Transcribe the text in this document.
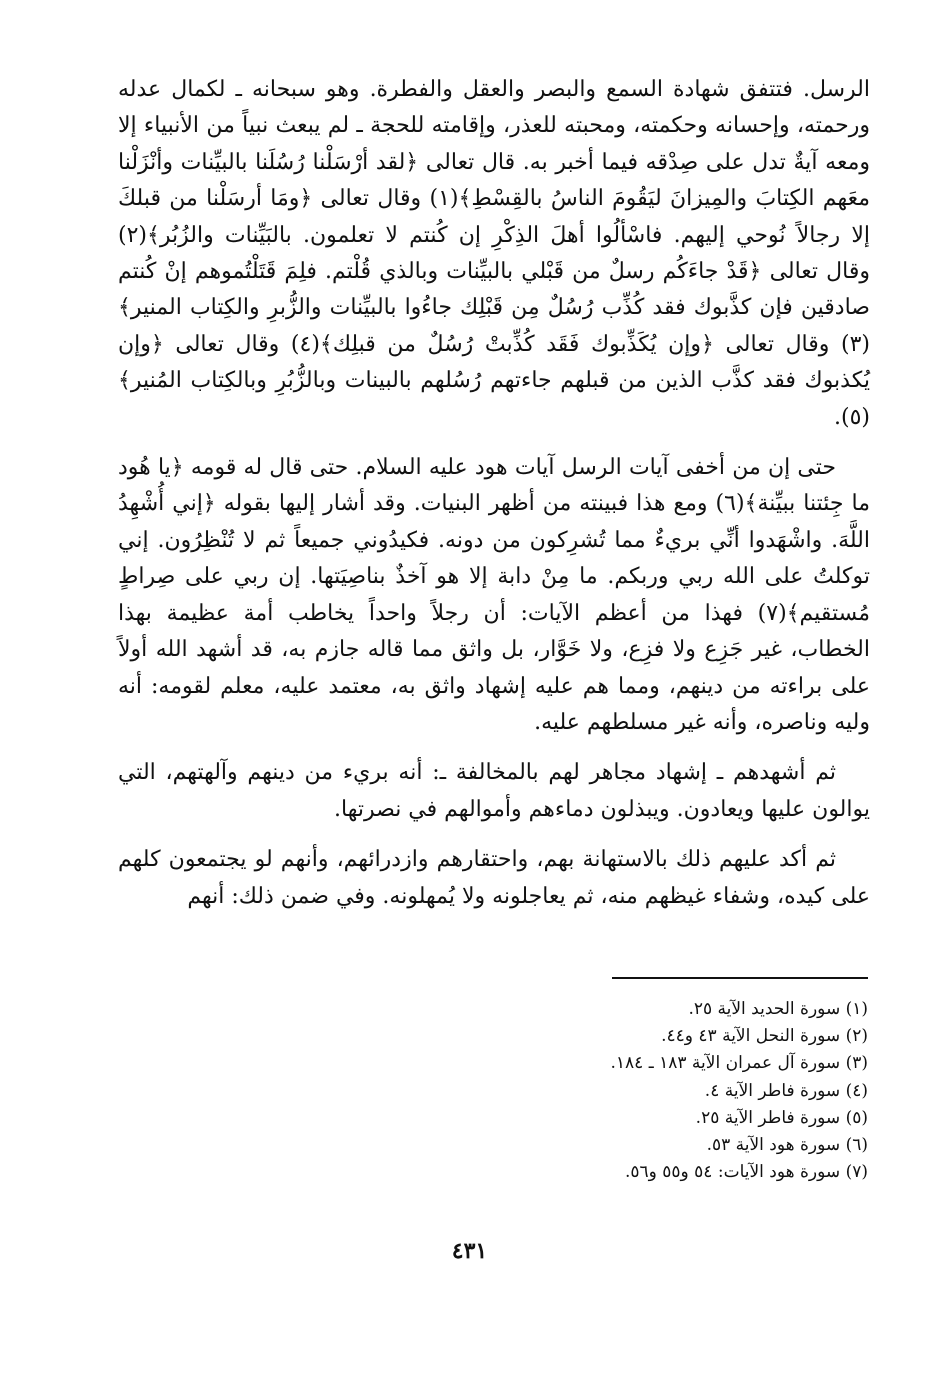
الرسل. فتتفق شهادة السمع والبصر والعقل والفطرة. وهو سبحانه ـ لكمال عدله ورحمته، وإحسانه وحكمته، ومحبته للعذر، وإقامته للحجة ـ لم يبعث نبياً من الأنبياء إلا ومعه آيةٌ تدل على صِدْقه فيما أخبر به. قال تعالى ﴿لقد أرْسَلْنا رُسُلَنا بالبيِّنات وأنْزَلْنا معَهم الكِتابَ والمِيزانَ ليَقُومَ الناسُ بالقِسْطِ﴾(١) وقال تعالى ﴿ومَا أرسَلْنا من قبلكَ إلا رجالاً نُوحي إليهم. فاسْألُوا أهلَ الذِكْرِ إن كُنتم لا تعلمون. بالبَيِّنات والزُبُر﴾(٢) وقال تعالى ﴿قَدْ جاءَكُم رسلٌ من قَبْلي بالبيِّنات وبالذي قُلْتم. فلِمَ قَتَلْتُموهم إنْ كُنتم صادقين فإن كذَّبوك فقد كُذِّب رُسُلٌ مِن قَبْلِك جاءُوا بالبيِّنات والزُّبرِ والكِتاب المنير﴾(٣) وقال تعالى ﴿وإن يُكَذِّبوك فَقَد كُذِّبتْ رُسُلٌ من قبلِك﴾(٤) وقال تعالى ﴿وإن يُكذبوك فقد كذَّب الذين من قبلهم جاءتهم رُسُلهم بالبينات وبالزُّبُرِ وبالكِتاب المُنير﴾(٥).

حتى إن من أخفى آيات الرسل آيات هود عليه السلام. حتى قال له قومه ﴿يا هُود ما جِئتنا ببيِّنة﴾(٦) ومع هذا فبينته من أظهر البنيات. وقد أشار إليها بقوله ﴿إني أُشْهِدُ اللَّهَ. واشْهَدوا أنِّي بريءٌ مما تُشرِكون من دونه. فكيدُوني جميعاً ثم لا تُنْظِرُون. إني توكلتُ على الله ربي وربكم. ما مِنْ دابة إلا هو آخذٌ بناصِيَتها. إن ربي على صِراطٍ مُستقيم﴾(٧) فهذا من أعظم الآيات: أن رجلاً واحداً يخاطب أمة عظيمة بهذا الخطاب، غير جَزِع ولا فزِع، ولا خَوَّار، بل واثق مما قاله جازم به، قد أشهد الله أولاً على براءته من دينهم، ومما هم عليه إشهاد واثق به، معتمد عليه، معلم لقومه: أنه وليه وناصره، وأنه غير مسلطهم عليه.

ثم أشهدهم ـ إشهاد مجاهر لهم بالمخالفة ـ: أنه بريء من دينهم وآلهتهم، التي يوالون عليها ويعادون. ويبذلون دماءهم وأموالهم في نصرتها.

ثم أكد عليهم ذلك بالاستهانة بهم، واحتقارهم وازدرائهم، وأنهم لو يجتمعون كلهم على كيده، وشفاء غيظهم منه، ثم يعاجلونه ولا يُمهلونه. وفي ضمن ذلك: أنهم

(١) سورة الحديد الآية ٢٥.
(٢) سورة النحل الآية ٤٣ و٤٤.
(٣) سورة آل عمران الآية ١٨٣ ـ ١٨٤.
(٤) سورة فاطر الآية ٤.
(٥) سورة فاطر الآية ٢٥.
(٦) سورة هود الآية ٥٣.
(٧) سورة هود الآيات: ٥٤ و٥٥ و٥٦.
٤٣١
